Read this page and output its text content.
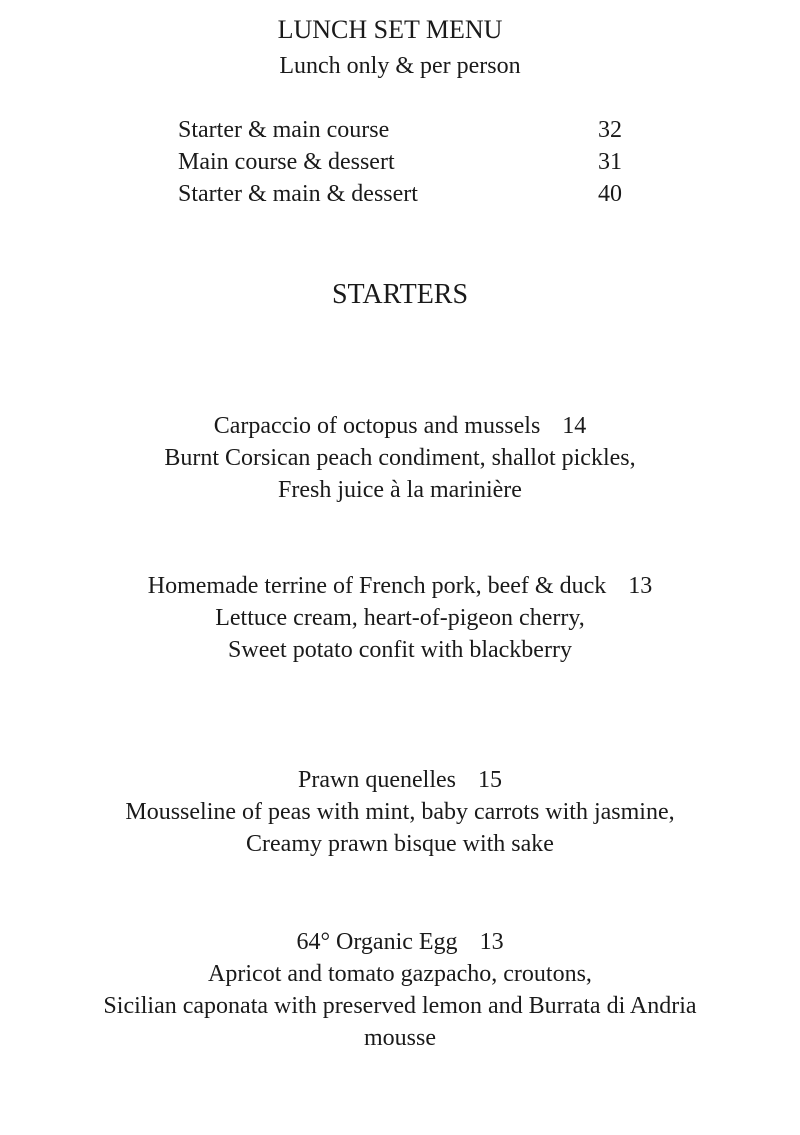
LUNCH SET MENU
Lunch only & per person
Starter & main course	32
Main course & dessert	31
Starter & main & dessert	40
STARTERS
Carpaccio of octopus and mussels 14
Burnt Corsican peach condiment, shallot pickles,
Fresh juice à la marinière
Homemade terrine of French pork, beef & duck 13
Lettuce cream, heart-of-pigeon cherry,
Sweet potato confit with blackberry
Prawn quenelles 15
Mousseline of peas with mint, baby carrots with jasmine,
Creamy prawn bisque with sake
64° Organic Egg 13
Apricot and tomato gazpacho, croutons,
Sicilian caponata with preserved lemon and Burrata di Andria
mousse
